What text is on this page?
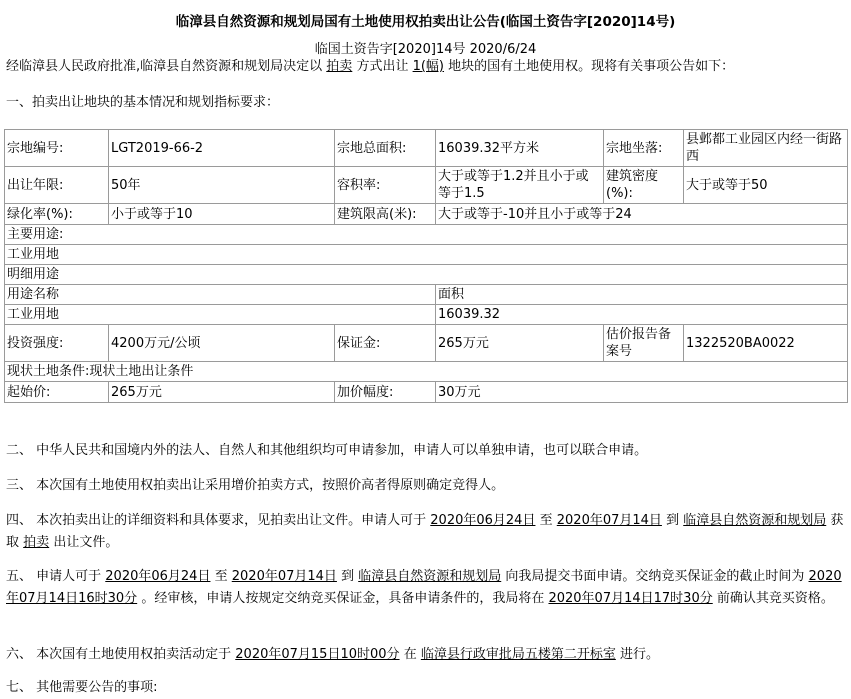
临漳县自然资源和规划局国有土地使用权拍卖出让公告(临国土资告字[2020]14号)
临国土资告字[2020]14号 2020/6/24
经临漳县人民政府批准,临漳县自然资源和规划局决定以 拍卖 方式出让 1(幅) 地块的国有土地使用权。现将有关事项公告如下：
一、拍卖出让地块的基本情况和规划指标要求：
宗地编号:	LGT2019-66-2	宗地总面积:	16039.32平方米	宗地坐落:	县邺都工业园区内经一街路西
出让年限:	50年	容积率:	大于或等于1.2并且小于或等于1.5	建筑密度(%):	大于或等于50
绿化率(%):	小于或等于10	建筑限高(米):	大于或等于-10并且小于或等于24		
主要用途:					
工业用地					
明细用途					
用途名称			面积		
工业用地			16039.32		
投资强度:	4200万元/公顷	保证金:	265万元	估价报告备案号	1322520BA0022
现状土地条件:现状土地出让条件					
起始价:	265万元	加价幅度:	30万元		
二、 中华人民共和国境内外的法人、自然人和其他组织均可申请参加，申请人可以单独申请，也可以联合申请。
三、 本次国有土地使用权拍卖出让采用增价拍卖方式，按照价高者得原则确定竞得人。
四、 本次拍卖出让的详细资料和具体要求，见拍卖出让文件。申请人可于 2020年06月24日 至 2020年07月14日 到 临漳县自然资源和规划局 获取 拍卖 出让文件。
五、 申请人可于 2020年06月24日 至 2020年07月14日 到 临漳县自然资源和规划局 向我局提交书面申请。交纳竞买保证金的截止时间为 2020年07月14日16时30分 。经审核，申请人按规定交纳竞买保证金，具备申请条件的，我局将在 2020年07月14日17时30分 前确认其竞买资格。
六、 本次国有土地使用权拍卖活动定于 2020年07月15日10时00分 在 临漳县行政审批局五楼第二开标室 进行。
七、 其他需要公告的事项:
